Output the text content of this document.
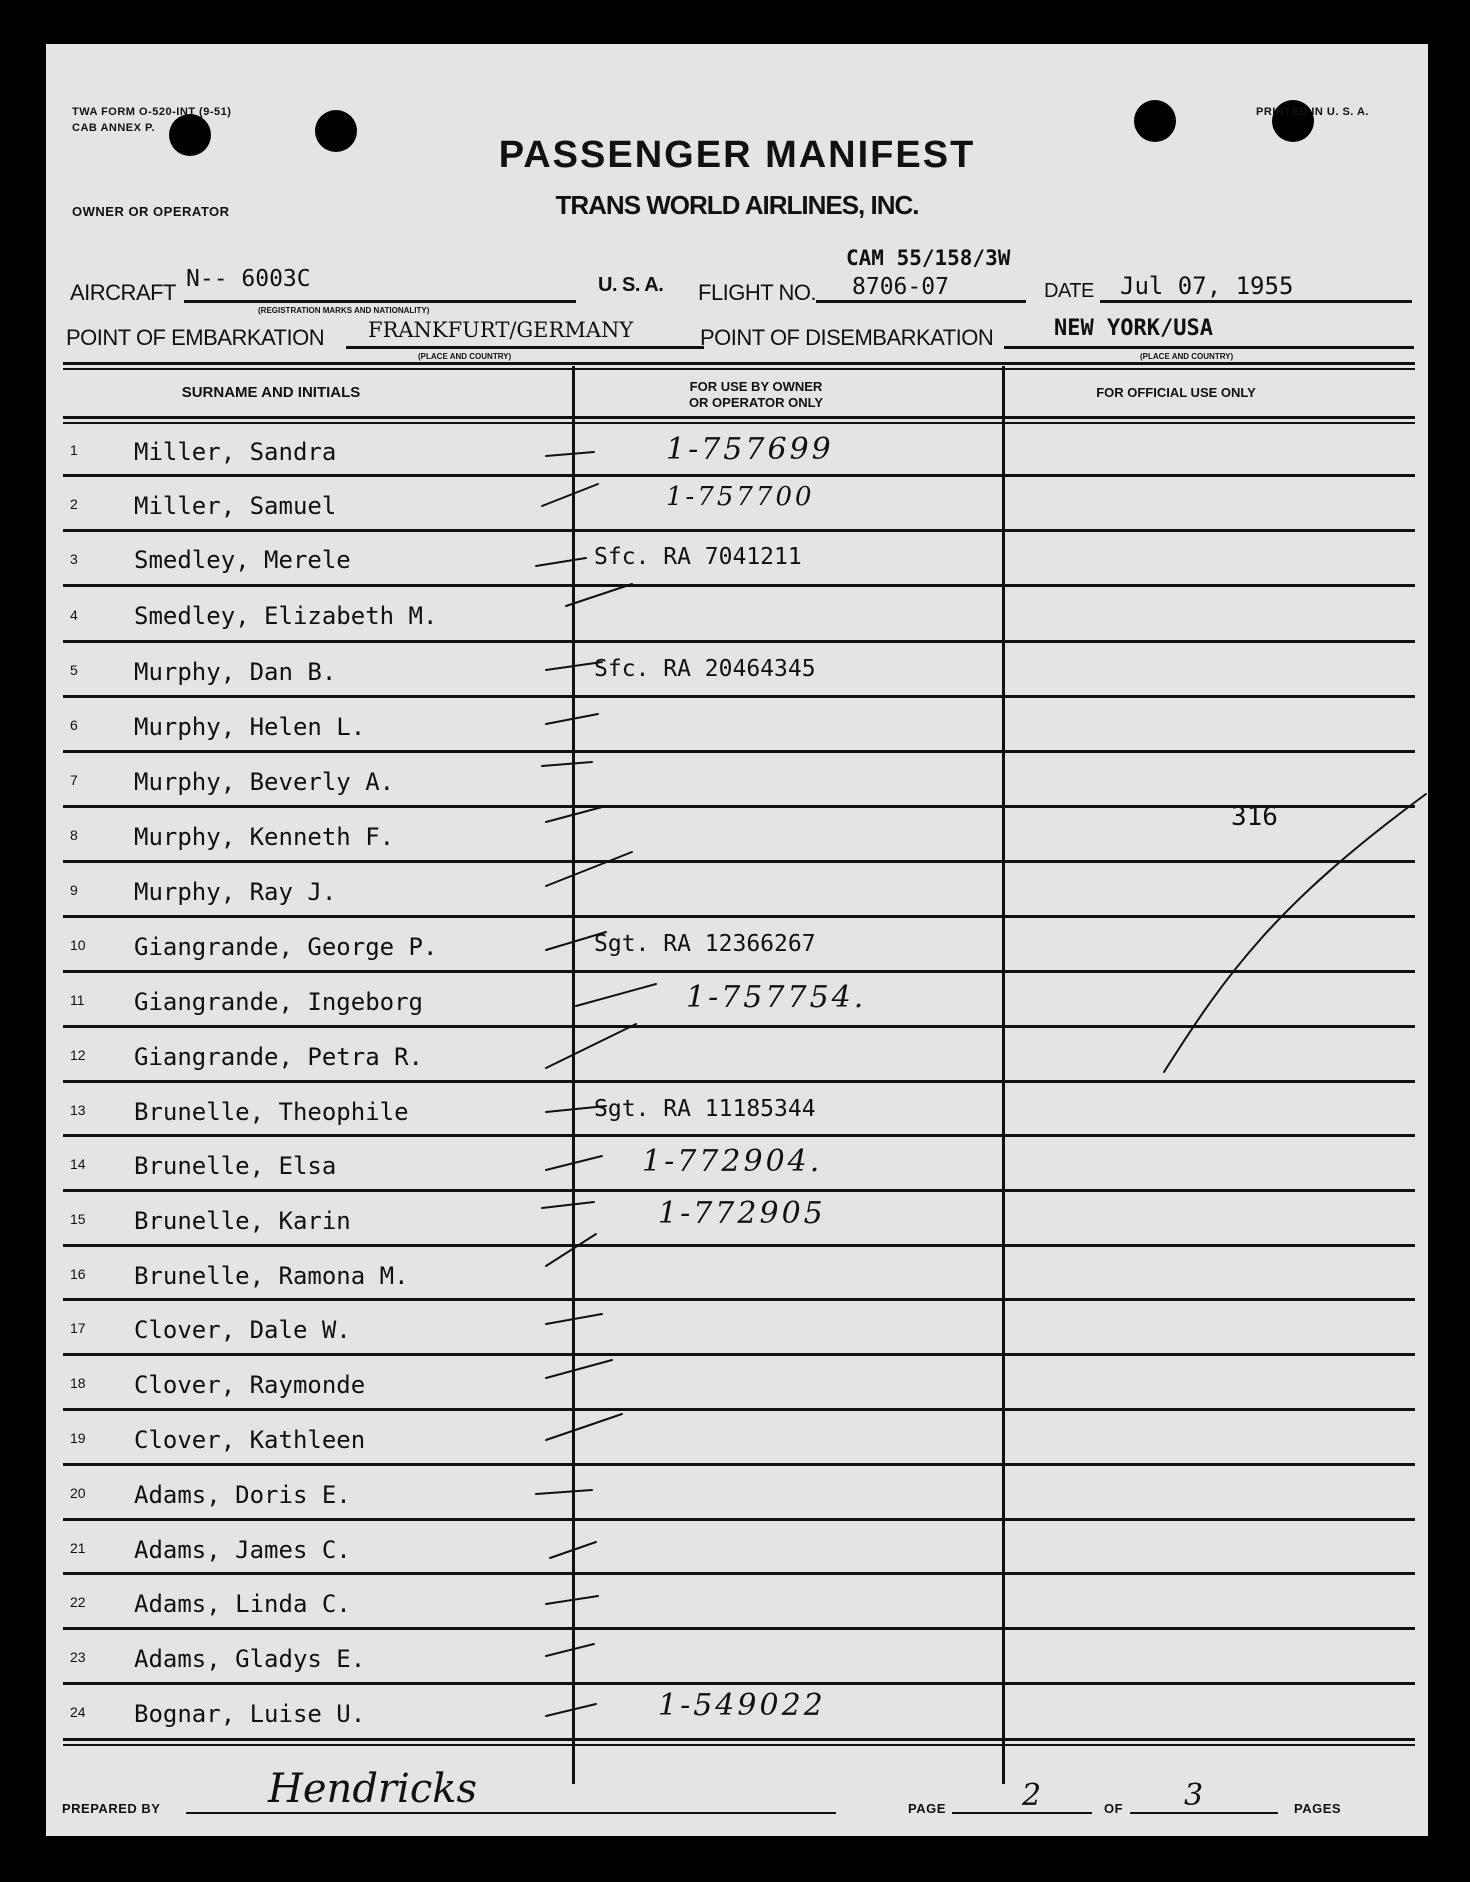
TWA FORM O-520-INT (9-51)
CAB ANNEX P.
PRINTED IN U. S. A.
PASSENGER MANIFEST
TRANS WORLD AIRLINES, INC.
OWNER OR OPERATOR
AIRCRAFT
N-- 6003C
(REGISTRATION MARKS AND NATIONALITY)
U. S. A. FLIGHT NO.
CAM 55/158/3W
8706-07	DATE Jul 07, 1955
POINT OF EMBARKATION FRANKFURT/GERMANY
(PLACE AND COUNTRY)
POINT OF DISEMBARKATION	NEW YORK/USA
(PLACE AND COUNTRY)
SURNAME AND INITIALS	FOR USE BY OWNER
OR OPERATOR ONLY
FOR OFFICIAL USE ONLY
1	Miller, Sandra	1-757699
2	Miller, Samuel	1-757700
3	Smedley, Merele	Sfc. RA 7041211
4	Smedley, Elizabeth M.
5	Murphy, Dan B.	Sfc. RA 20464345
6	Murphy, Helen L.
7	Murphy, Beverly A.
8	Murphy, Kenneth F.
316
9	Murphy, Ray J.
10	Giangrande, George P.	Sgt. RA 12366267
11	Giangrande, Ingeborg	1-757754.
12	Giangrande, Petra R.
13	Brunelle, Theophile	Sgt. RA 11185344
14	Brunelle, Elsa	1-772904.
15	Brunelle, Karin	1-772905
16	Brunelle, Ramona M.
17	Clover, Dale W.
18	Clover, Raymonde
19	Clover, Kathleen
20	Adams, Doris E.
21	Adams, James C.
22	Adams, Linda C.
23	Adams, Gladys E.
24	Bognar, Luise U.	1-549022
PREPARED BY	Hendricks	PAGE	2	OF 3	PAGES
